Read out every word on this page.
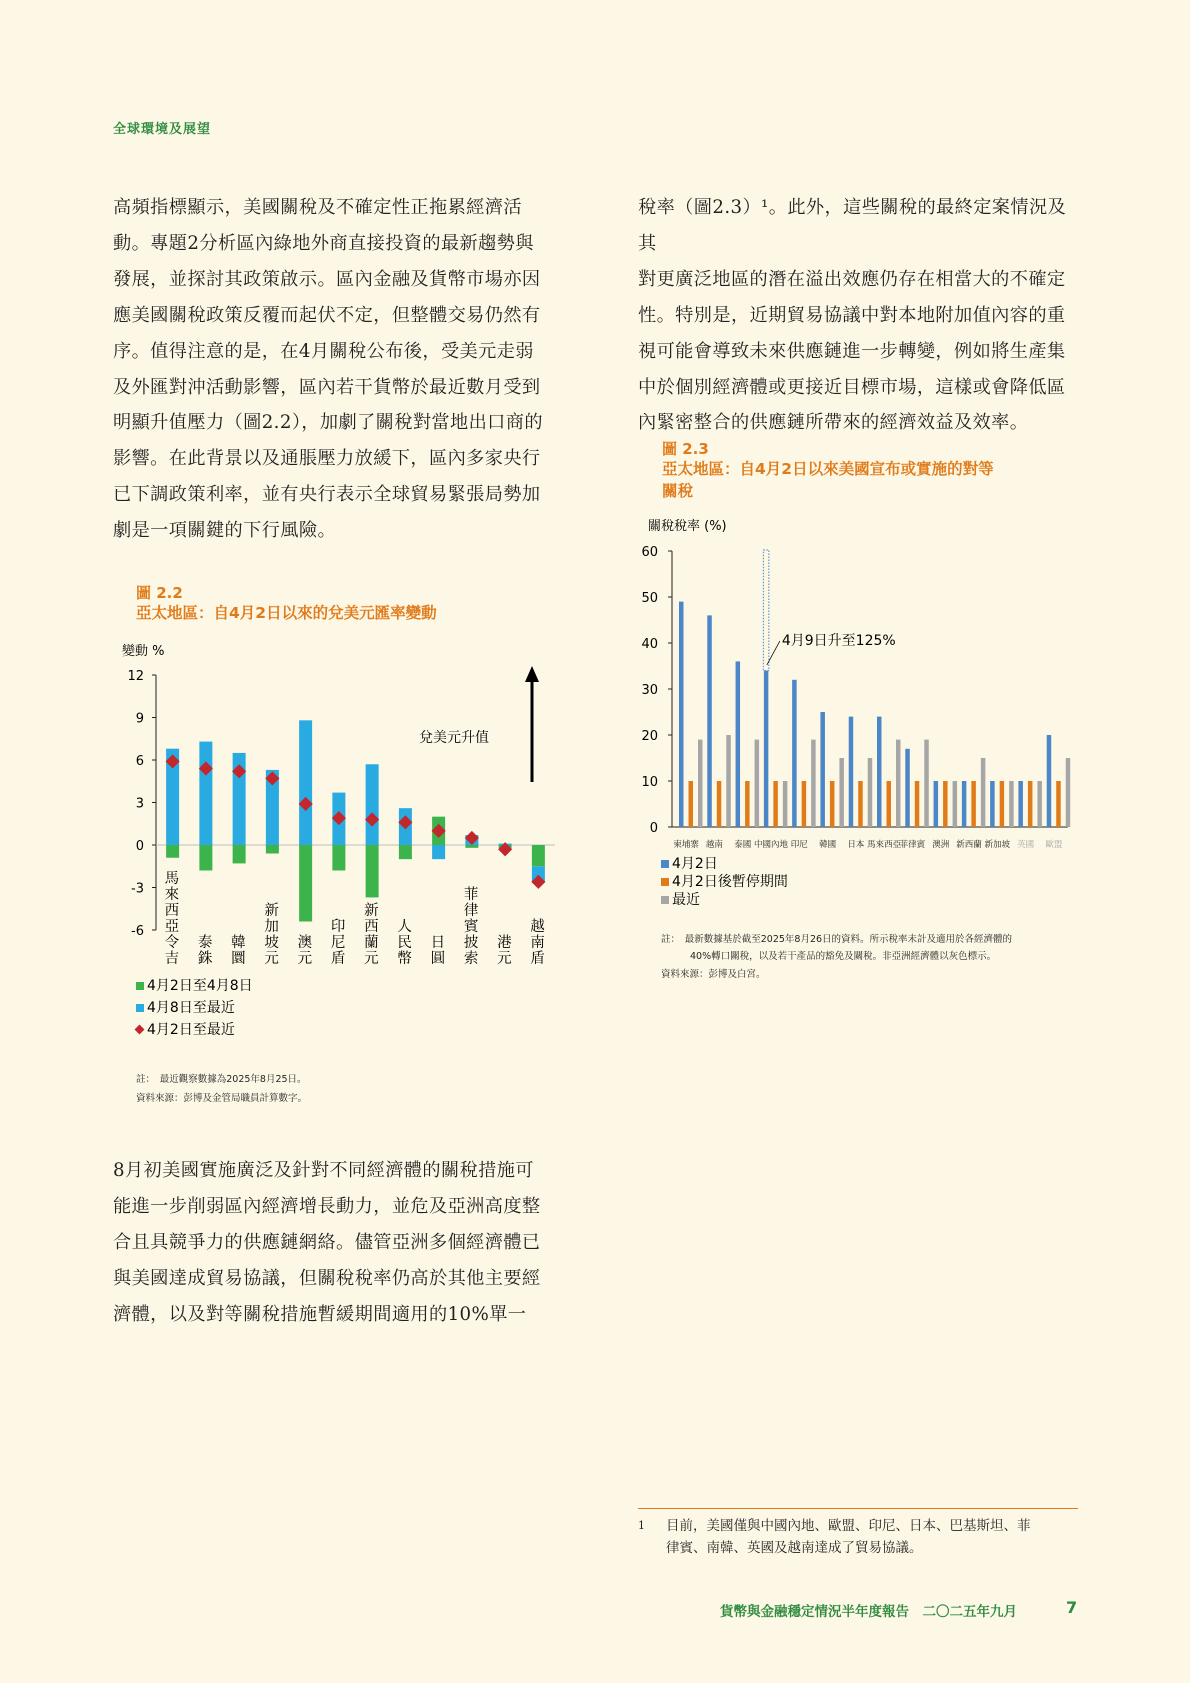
全球環境及展望

高頻指標顯示，美國關稅及不確定性正拖累經濟活

動。專題2分析區內綠地外商直接投資的最新趨勢與

發展，並探討其政策啟示。區內金融及貨幣市場亦因

應美國關稅政策反覆而起伏不定，但整體交易仍然有

序。值得注意的是，在4月關稅公布後，受美元走弱

及外匯對沖活動影響，區內若干貨幣於最近數月受到

明顯升值壓力（圖2.2），加劇了關稅對當地出口商的

影響。在此背景以及通脹壓力放緩下，區內多家央行

已下調政策利率，並有央行表示全球貿易緊張局勢加

劇是一項關鍵的下行風險。

圖 2.2
亞太地區：自4月2日以來的兌美元匯率變動
變動 %
12
9
6
3
0
-3
-6
馬來西亞令吉
泰銖
韓圜
新加坡元
澳元
印尼盾
新西蘭元
人民幣
日圓
菲律賓披索
港元
越南盾
兌美元升值
4月2日至4月8日
4月8日至最近
4月2日至最近
註：　最近觀察數據為2025年8月25日。
資料來源：彭博及金管局職員計算數字。

8月初美國實施廣泛及針對不同經濟體的關稅措施可

能進一步削弱區內經濟增長動力，並危及亞洲高度整

合且具競爭力的供應鏈網絡。儘管亞洲多個經濟體已

與美國達成貿易協議，但關稅稅率仍高於其他主要經

濟體，以及對等關稅措施暫緩期間適用的10%單一

稅率（圖2.3）¹。此外，這些關稅的最終定案情況及其

對更廣泛地區的潛在溢出效應仍存在相當大的不確定

性。特別是，近期貿易協議中對本地附加值內容的重

視可能會導致未來供應鏈進一步轉變，例如將生產集

中於個別經濟體或更接近目標市場，這樣或會降低區

內緊密整合的供應鏈所帶來的經濟效益及效率。

圖 2.3
亞太地區：自4月2日以來美國宣布或實施的對等
關稅
關稅稅率 (%)
60
50
40
30
20
10
0
柬埔寨 越南 泰國 中國內地 印尼 韓國 日本 馬來西亞
菲律賓 澳洲 新西蘭 新加坡 英國 歐盟
4月9日升至125%
4月2日
4月2日後暫停期間
最近
註：　最新數據基於截至2025年8月26日的資料。所示稅率未計及適用於各經濟體的
40%轉口關稅，以及若干產品的豁免及關稅。非亞洲經濟體以灰色標示。
資料來源：彭博及白宮。
1 目前，美國僅與中國內地、歐盟、印尼、日本、巴基斯坦、菲
律賓、南韓、英國及越南達成了貿易協議。
貨幣與金融穩定情況半年度報告　二〇二五年九月	7
